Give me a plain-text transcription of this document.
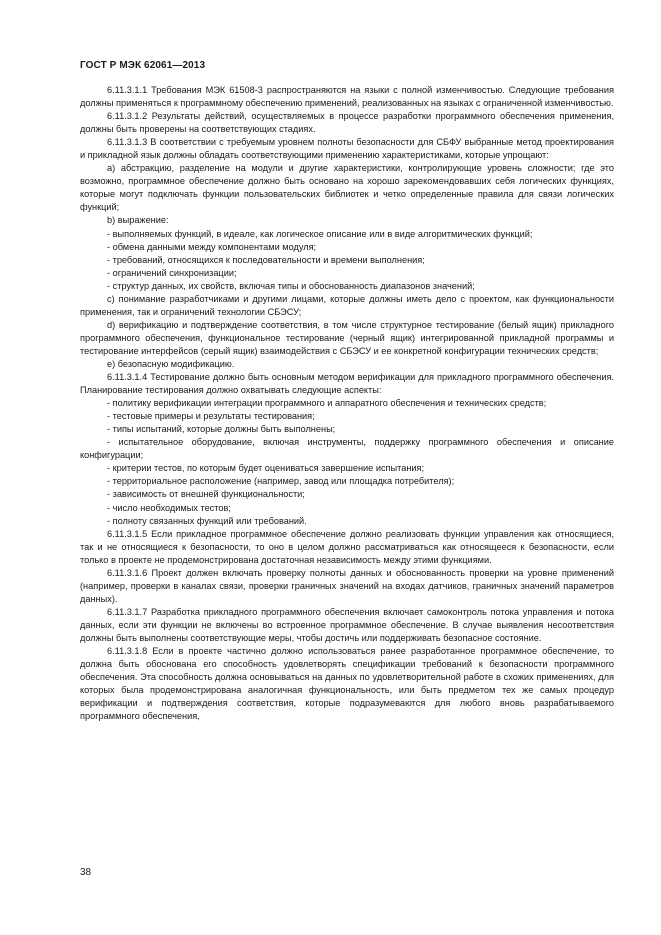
ГОСТ Р МЭК 62061—2013

6.11.3.1.1 Требования МЭК 61508-3 распространяются на языки с полной изменчивостью. Следующие требования должны применяться к программному обеспечению применений, реализованных на языках с ограниченной изменчивостью.

6.11.3.1.2 Результаты действий, осуществляемых в процессе разработки программного обеспечения применения, должны быть проверены на соответствующих стадиях.

6.11.3.1.3 В соответствии с требуемым уровнем полноты безопасности для СБФУ выбранные метод проектирования и прикладной язык должны обладать соответствующими применению характеристиками, которые упрощают:

a) абстракцию, разделение на модули и другие характеристики, контролирующие уровень сложности; где это возможно, программное обеспечение должно быть основано на хорошо зарекомендовавших себя логических функциях, которые могут подключать функции пользовательских библиотек и четко определенные правила для связи логических функций;

b) выражение:

- выполняемых функций, в идеале, как логическое описание или в виде алгоритмических функций;

- обмена данными между компонентами модуля;

- требований, относящихся к последовательности и времени выполнения;

- ограничений синхронизации;

- структур данных, их свойств, включая типы и обоснованность диапазонов значений;

c) понимание разработчиками и другими лицами, которые должны иметь дело с проектом, как функциональности применения, так и ограничений технологии СБЭСУ;

d) верификацию и подтверждение соответствия, в том числе структурное тестирование (белый ящик) прикладного программного обеспечения, функциональное тестирование (черный ящик) интегрированной прикладной программы и тестирование интерфейсов (серый ящик) взаимодействия с СБЭСУ и ее конкретной конфигурации технических средств;

e) безопасную модификацию.

6.11.3.1.4 Тестирование должно быть основным методом верификации для прикладного программного обеспечения. Планирование тестирования должно охватывать следующие аспекты:

- политику верификации интеграции программного и аппаратного обеспечения и технических средств;

- тестовые примеры и результаты тестирования;

- типы испытаний, которые должны быть выполнены;

- испытательное оборудование, включая инструменты, поддержку программного обеспечения и описание конфигурации;

- критерии тестов, по которым будет оцениваться завершение испытания;

- территориальное расположение (например, завод или площадка потребителя);

- зависимость от внешней функциональности;

- число необходимых тестов;

- полноту связанных функций или требований.

6.11.3.1.5 Если прикладное программное обеспечение должно реализовать функции управления как относящиеся, так и не относящиеся к безопасности, то оно в целом должно рассматриваться как относящееся к безопасности, если только в проекте не продемонстрирована достаточная независимость между этими функциями.

6.11.3.1.6 Проект должен включать проверку полноты данных и обоснованность проверки на уровне применений (например, проверки в каналах связи, проверки граничных значений на входах датчиков, граничных значений параметров данных).

6.11.3.1.7 Разработка прикладного программного обеспечения включает самоконтроль потока управления и потока данных, если эти функции не включены во встроенное программное обеспечение. В случае выявления несоответствия должны быть выполнены соответствующие меры, чтобы достичь или поддерживать безопасное состояние.

6.11.3.1.8 Если в проекте частично должно использоваться ранее разработанное программное обеспечение, то должна быть обоснована его способность удовлетворять спецификации требований к безопасности программного обеспечения. Эта способность должна основываться на данных по удовлетворительной работе в схожих применениях, для которых была продемонстрирована аналогичная функциональность, или быть предметом тех же самых процедур верификации и подтверждения соответствия, которые подразумеваются для любого вновь разрабатываемого программного обеспечения,

38
